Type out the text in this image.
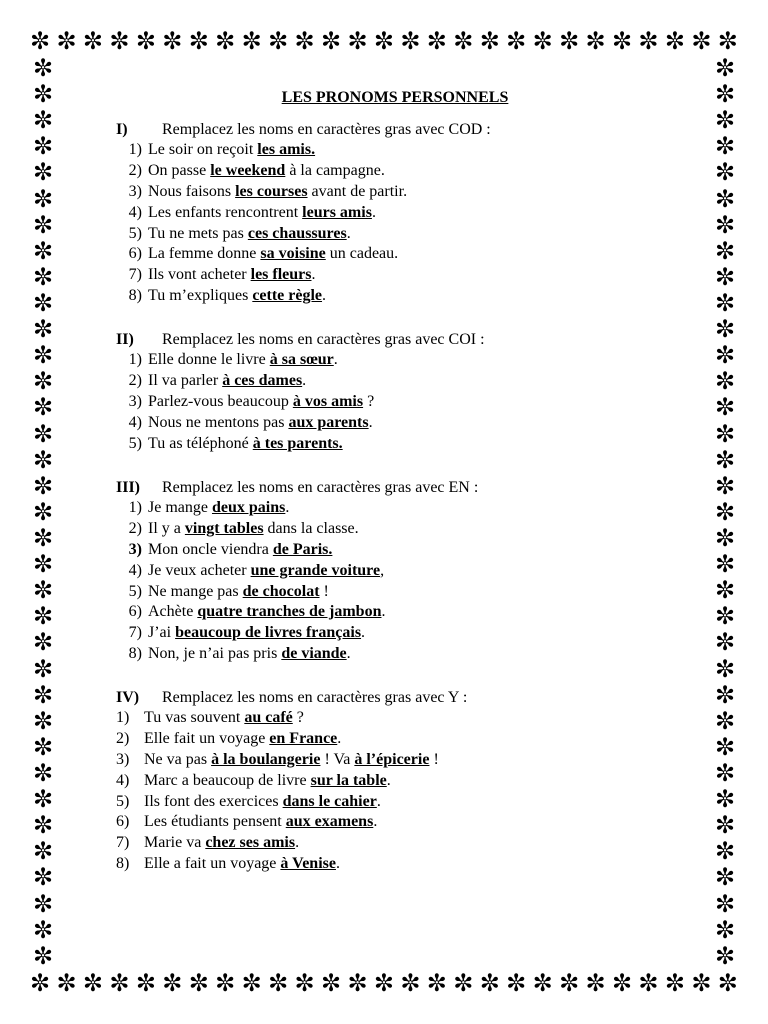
✼ ✼ ✼ ✼ ✼ ✼ ✼ ✼ ✼ ✼ ✼ ✼ ✼ ✼ ✼ ✼ ✼ ✼ ✼ ✼ ✼ ✼ ✼ ✼ ✼ ✼ ✼
✼ ✼ ✼ ✼ ✼ ✼ ✼ ✼ ✼ ✼ ✼ ✼ ✼ ✼ ✼ ✼ ✼ ✼ ✼ ✼ ✼ ✼ ✼ ✼ ✼ ✼ ✼
✼
✼
✼
✼
✼
✼
✼
✼
✼
✼
✼
✼
✼
✼
✼
✼
✼
✼
✼
✼
✼
✼
✼
✼
✼
✼
✼
✼
✼
✼
✼
✼
✼
✼
✼
✼
✼
✼
✼
✼
✼
✼
✼
✼
✼
✼
✼
✼
✼
✼
✼
✼
✼
✼
✼
✼
✼
✼
✼
✼
✼
✼
✼
✼
✼
✼
✼
✼
✼
✼
LES PRONOMS PERSONNELS
I) Remplacez les noms en caractères gras avec COD :
1) Le soir on reçoit les amis.
2) On passe le weekend à la campagne.
3) Nous faisons les courses avant de partir.
4) Les enfants rencontrent leurs amis.
5) Tu ne mets pas ces chaussures.
6) La femme donne sa voisine un cadeau.
7) Ils vont acheter les fleurs.
8) Tu m’expliques cette règle.
II) Remplacez les noms en caractères gras avec COI :
1) Elle donne le livre à sa sœur.
2) Il va parler à ces dames.
3) Parlez-vous beaucoup à vos amis ?
4) Nous ne mentons pas aux parents.
5) Tu as téléphoné à tes parents.
III) Remplacez les noms en caractères gras avec EN :
1) Je mange deux pains.
2) Il y a vingt tables dans la classe.
3) Mon oncle viendra de Paris.
4) Je veux acheter une grande voiture,
5) Ne mange pas de chocolat !
6) Achète quatre tranches de jambon.
7) J’ai beaucoup de livres français.
8) Non, je n’ai pas pris de viande.
IV) Remplacez les noms en caractères gras avec Y :
1) Tu vas souvent au café ?
2) Elle fait un voyage en France.
3) Ne va pas à la boulangerie ! Va à l’épicerie !
4) Marc a beaucoup de livre sur la table.
5) Ils font des exercices dans le cahier.
6) Les étudiants pensent aux examens.
7) Marie va chez ses amis.
8) Elle a fait un voyage à Venise.
